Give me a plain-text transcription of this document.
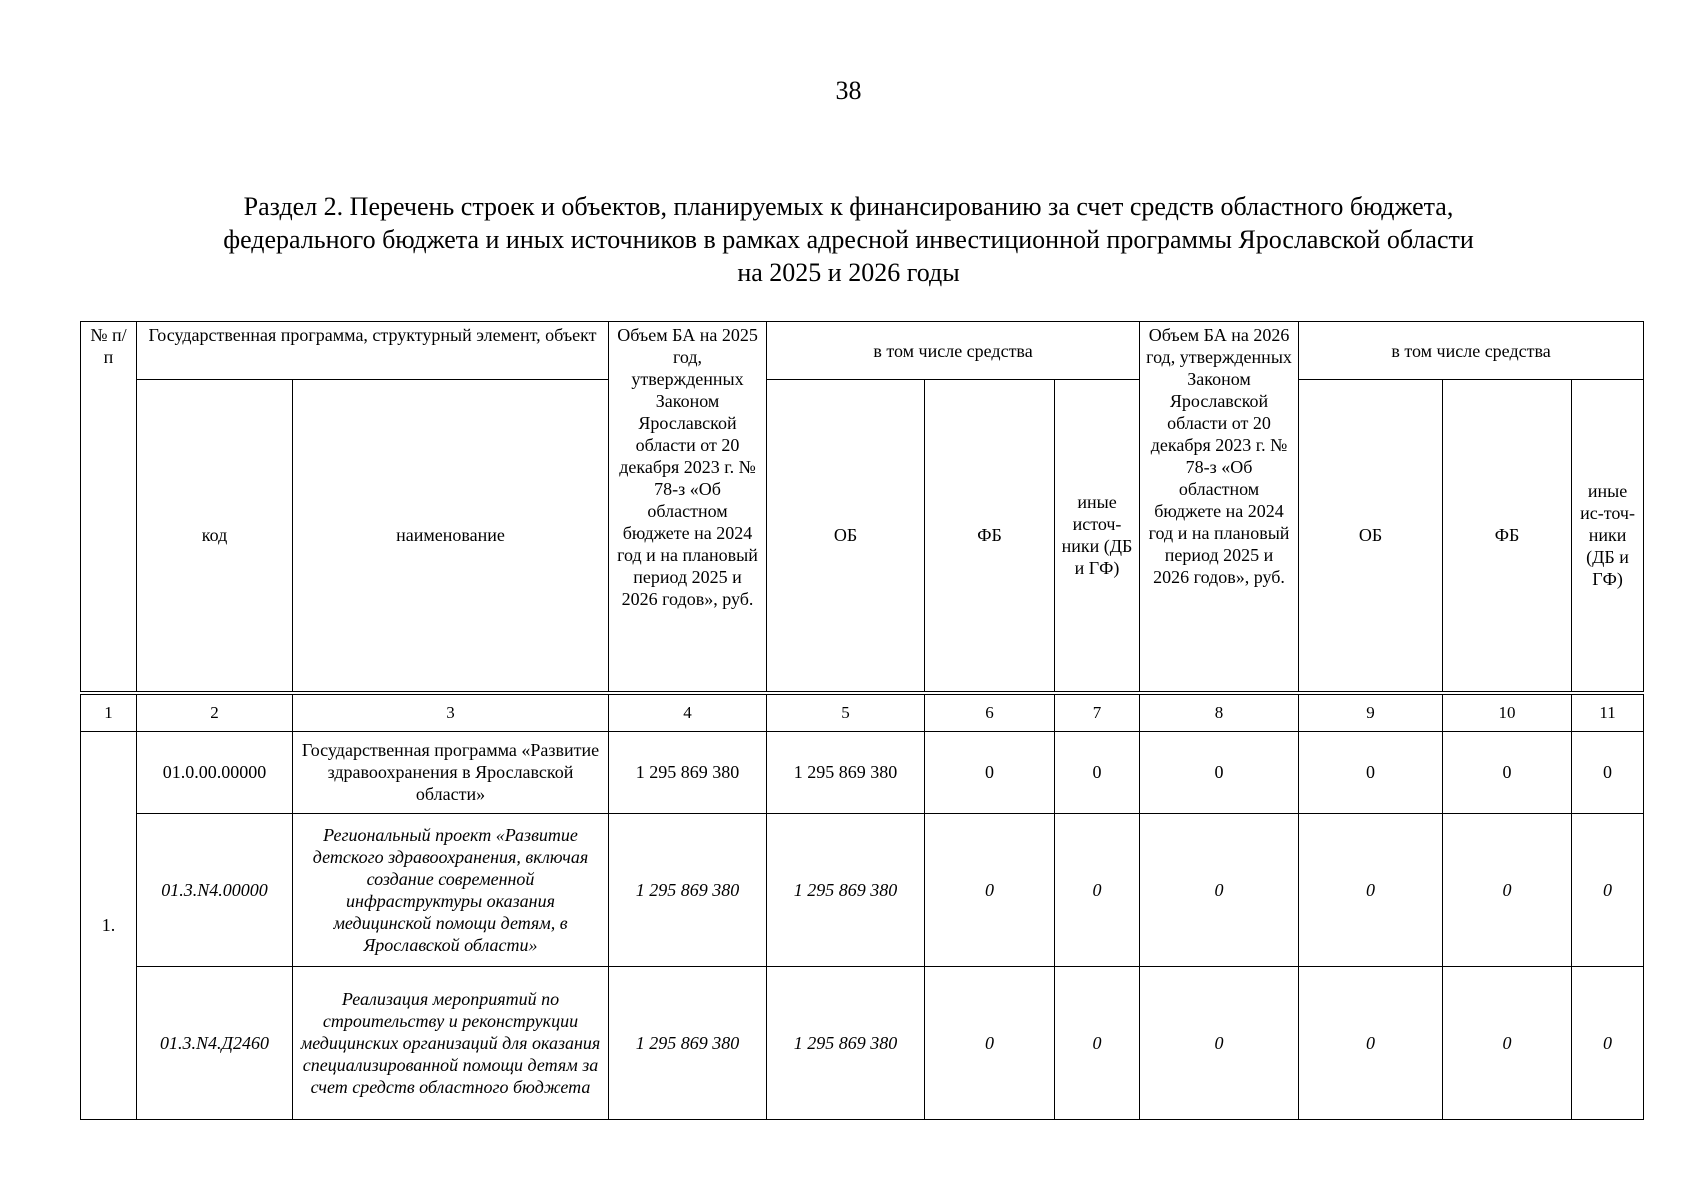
38
Раздел 2. Перечень строек и объектов, планируемых к финансированию за счет средств областного бюджета,
федерального бюджета и иных источников в рамках адресной инвестиционной программы Ярославской области
на 2025 и 2026 годы
№ п/п	Государственная программа, структурный элемент, объект		Объем БА на 2025 год, утвержденных Законом Ярославской области от 20 декабря 2023 г. № 78-з «Об областном бюджете на 2024 год и на плановый период 2025 и 2026 годов», руб.	в том числе средства			Объем БА на 2026 год, утвержденных Законом Ярославской области от 20 декабря 2023 г. № 78-з «Об областном бюджете на 2024 год и на плановый период 2025 и 2026 годов», руб.	в том числе средства		
	код	наименование		ОБ	ФБ	иные источ-ники (ДБ и ГФ)		ОБ	ФБ	иные ис-точ-ники (ДБ и ГФ)
1	2	3	4	5	6	7	8	9	10	11
1.	01.0.00.00000	Государственная программа «Развитие здравоохранения в Ярославской области»	1 295 869 380	1 295 869 380	0	0	0	0	0	0
	01.3.N4.00000	Региональный проект «Развитие детского здравоохранения, включая создание современной инфраструктуры оказания медицинской помощи детям, в Ярославской области»	1 295 869 380	1 295 869 380	0	0	0	0	0	0
	01.3.N4.Д2460	Реализация мероприятий по строительству и реконструкции медицинских организаций для оказания специализированной помощи детям за счет средств областного бюджета	1 295 869 380	1 295 869 380	0	0	0	0	0	0
